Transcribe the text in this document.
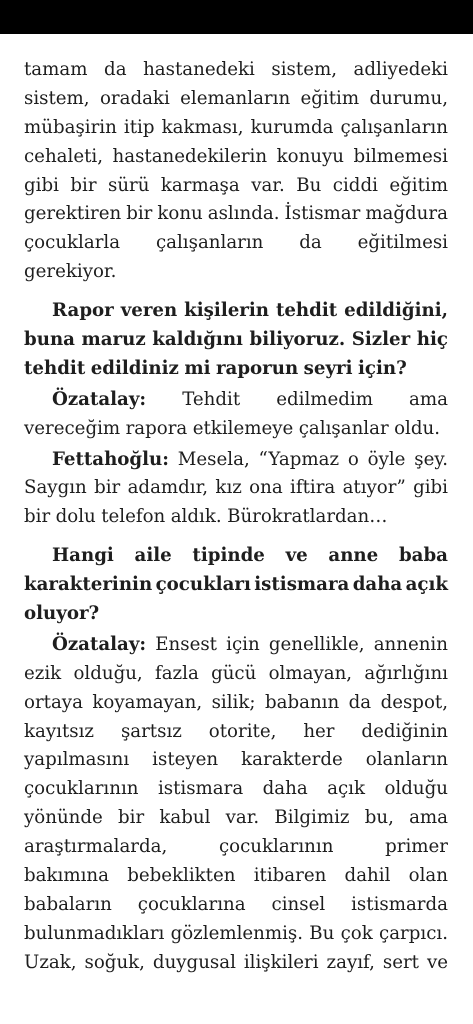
tamam da hastanedeki sistem, adliyedeki
sistem, oradaki elemanların eğitim durumu,
mübaşirin itip kakması, kurumda çalışanların
cehaleti, hastanedekilerin konuyu bilmemesi
gibi bir sürü karmaşa var. Bu ciddi eğitim
gerektiren bir konu aslında. İstismar mağdura
çocuklarla çalışanların da eğitilmesi
gerekiyor.
Rapor veren kişilerin tehdit edildiğini,
buna maruz kaldığını biliyoruz. Sizler hiç
tehdit edildiniz mi raporun seyri için?
Özatalay: Tehdit edilmedim ama
vereceğim rapora etkilemeye çalışanlar oldu.
Fettahoğlu: Mesela, “Yapmaz o öyle şey.
Saygın bir adamdır, kız ona iftira atıyor” gibi
bir dolu telefon aldık. Bürokratlardan…
Hangi aile tipinde ve anne baba
karakterinin çocukları istismara daha açık
oluyor?
Özatalay: Ensest için genellikle, annenin
ezik olduğu, fazla gücü olmayan, ağırlığını
ortaya koyamayan, silik; babanın da despot,
kayıtsız şartsız otorite, her dediğinin
yapılmasını isteyen karakterde olanların
çocuklarının istismara daha açık olduğu
yönünde bir kabul var. Bilgimiz bu, ama
araştırmalarda,	çocuklarının	primer
bakımına bebeklikten itibaren dahil olan
babaların çocuklarına cinsel istismarda
bulunmadıkları gözlemlenmiş. Bu çok çarpıcı.
Uzak, soğuk, duygusal ilişkileri zayıf, sert ve
